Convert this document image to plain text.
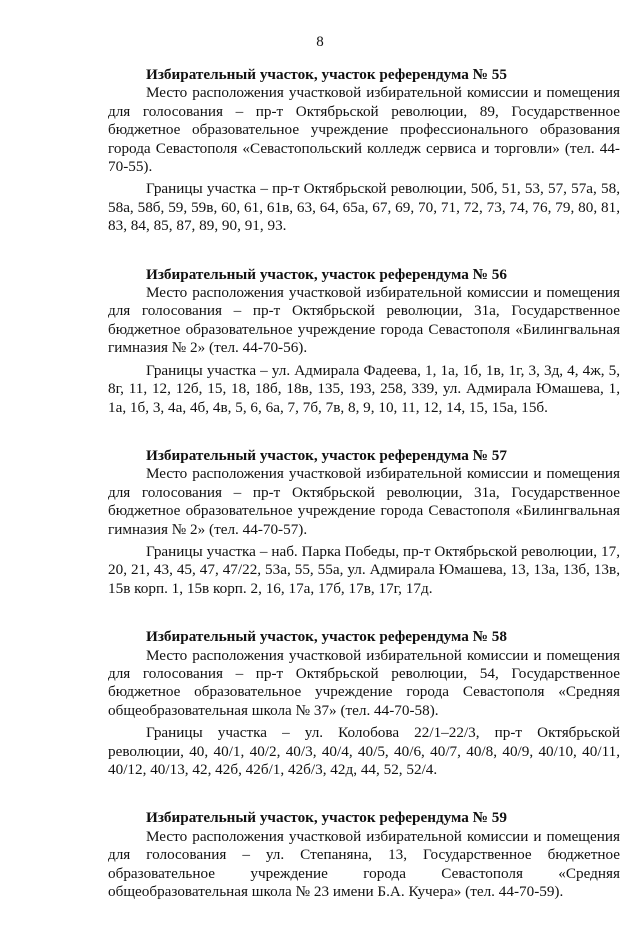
8

Избирательный участок, участок референдума № 55

Место расположения участковой избирательной комиссии и помещения для голосования – пр-т Октябрьской революции, 89, Государственное бюджетное образовательное учреждение профессионального образования города Севастополя «Севастопольский колледж сервиса и торговли» (тел. 44-70-55).

Границы участка – пр-т Октябрьской революции, 50б, 51, 53, 57, 57а, 58, 58а, 58б, 59, 59в, 60, 61, 61в, 63, 64, 65а, 67, 69, 70, 71, 72, 73, 74, 76, 79, 80, 81, 83, 84, 85, 87, 89, 90, 91, 93.

Избирательный участок, участок референдума № 56

Место расположения участковой избирательной комиссии и помещения для голосования – пр-т Октябрьской революции, 31а, Государственное бюджетное образовательное учреждение города Севастополя «Билингвальная гимназия № 2» (тел. 44-70-56).

Границы участка – ул. Адмирала Фадеева, 1, 1а, 1б, 1в, 1г, 3, 3д, 4, 4ж, 5, 8г, 11, 12, 12б, 15, 18, 18б, 18в, 135, 193, 258, 339, ул. Адмирала Юмашева, 1, 1а, 1б, 3, 4а, 4б, 4в, 5, 6, 6а, 7, 7б, 7в, 8, 9, 10, 11, 12, 14, 15, 15а, 15б.

Избирательный участок, участок референдума № 57

Место расположения участковой избирательной комиссии и помещения для голосования – пр-т Октябрьской революции, 31а, Государственное бюджетное образовательное учреждение города Севастополя «Билингвальная гимназия № 2» (тел. 44-70-57).

Границы участка – наб. Парка Победы, пр-т Октябрьской революции, 17, 20, 21, 43, 45, 47, 47/22, 53а, 55, 55а, ул. Адмирала Юмашева, 13, 13а, 13б, 13в, 15в корп. 1, 15в корп. 2, 16, 17а, 17б, 17в, 17г, 17д.

Избирательный участок, участок референдума № 58

Место расположения участковой избирательной комиссии и помещения для голосования – пр-т Октябрьской революции, 54, Государственное бюджетное образовательное учреждение города Севастополя «Средняя общеобразовательная школа № 37» (тел. 44-70-58).

Границы участка – ул. Колобова 22/1–22/3, пр-т Октябрьской революции, 40, 40/1, 40/2, 40/3, 40/4, 40/5, 40/6, 40/7, 40/8, 40/9, 40/10, 40/11, 40/12, 40/13, 42, 42б, 42б/1, 42б/3, 42д, 44, 52, 52/4.

Избирательный участок, участок референдума № 59

Место расположения участковой избирательной комиссии и помещения для голосования – ул. Степаняна, 13, Государственное бюджетное образовательное учреждение города Севастополя «Средняя общеобразовательная школа № 23 имени Б.А. Кучера» (тел. 44-70-59).
